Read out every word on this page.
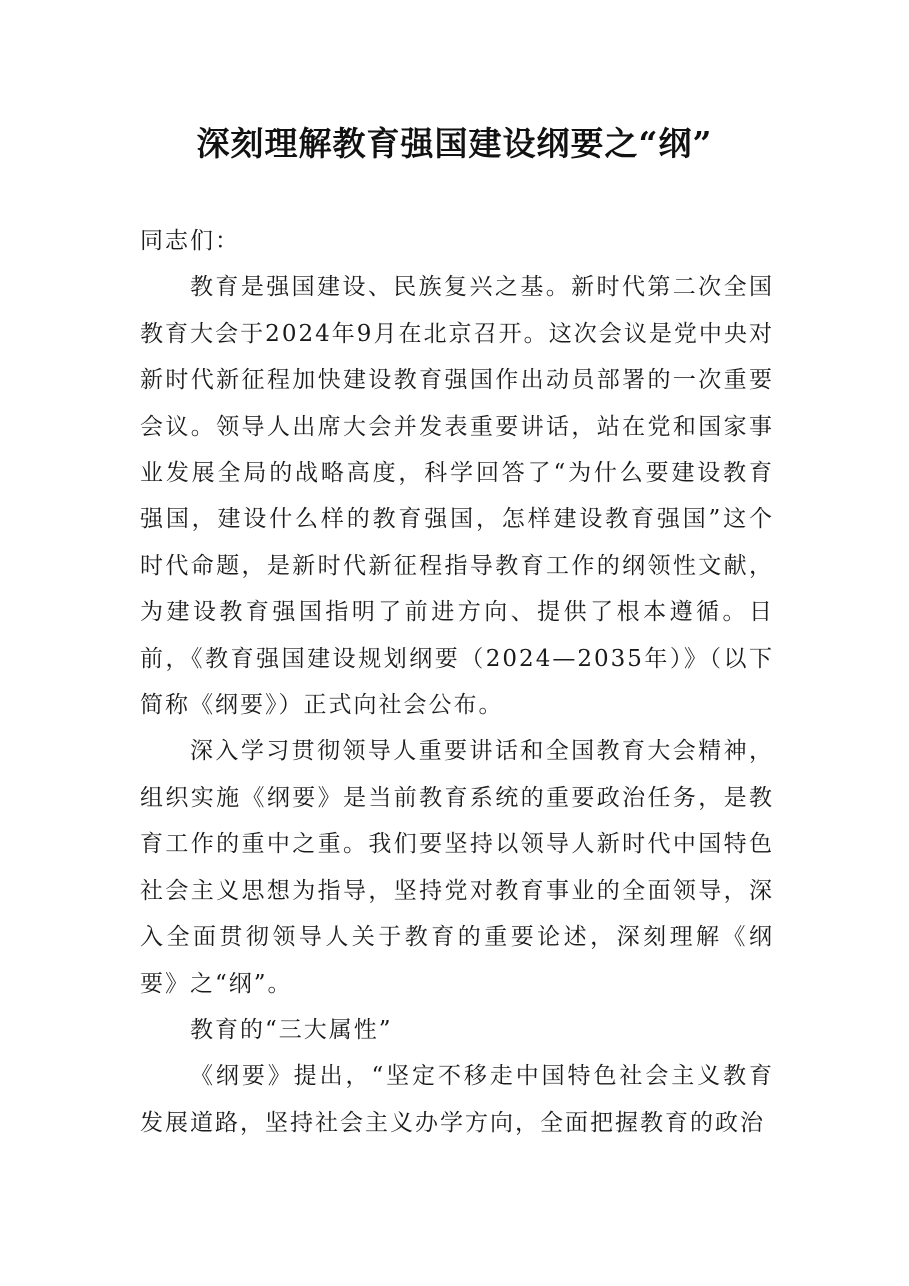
深刻理解教育强国建设纲要之“纲”

同志们：

教育是强国建设、民族复兴之基。新时代第二次全国教育大会于2024年9月在北京召开。这次会议是党中央对新时代新征程加快建设教育强国作出动员部署的一次重要会议。领导人出席大会并发表重要讲话，站在党和国家事业发展全局的战略高度，科学回答了“为什么要建设教育强国，建设什么样的教育强国，怎样建设教育强国”这个时代命题，是新时代新征程指导教育工作的纲领性文献，为建设教育强国指明了前进方向、提供了根本遵循。日前，《教育强国建设规划纲要（2024—2035年）》（以下简称《纲要》）正式向社会公布。

深入学习贯彻领导人重要讲话和全国教育大会精神，组织实施《纲要》是当前教育系统的重要政治任务，是教育工作的重中之重。我们要坚持以领导人新时代中国特色社会主义思想为指导，坚持党对教育事业的全面领导，深入全面贯彻领导人关于教育的重要论述，深刻理解《纲要》之“纲”。

教育的“三大属性”

《纲要》提出，“坚定不移走中国特色社会主义教育发展道路，坚持社会主义办学方向，全面把握教育的政治
